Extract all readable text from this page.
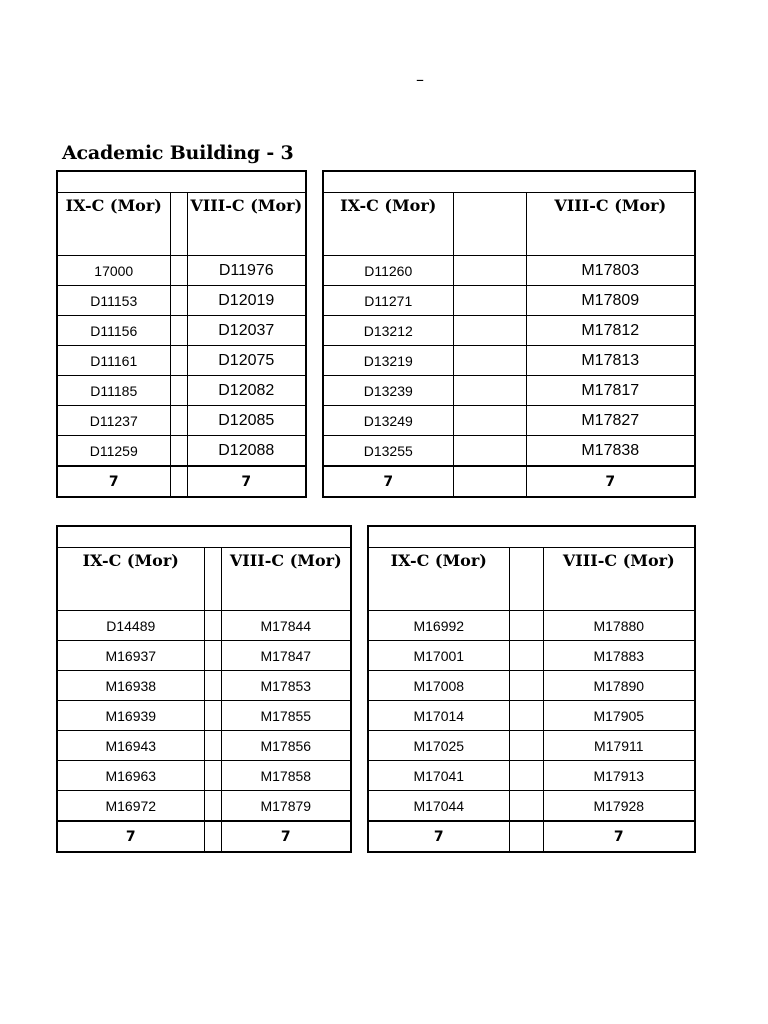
–
Academic Building - 3

IX-C (Mor)		VIII-C (Mor)
17000		D11976
D11153		D12019
D11156		D12037
D11161		D12075
D11185		D12082
D11237		D12085
D11259		D12088
7		7

IX-C (Mor)		VIII-C (Mor)
D11260		M17803
D11271		M17809
D13212		M17812
D13219		M17813
D13239		M17817
D13249		M17827
D13255		M17838
7		7

IX-C (Mor)		VIII-C (Mor)
D14489		M17844
M16937		M17847
M16938		M17853
M16939		M17855
M16943		M17856
M16963		M17858
M16972		M17879
7		7

IX-C (Mor)		VIII-C (Mor)
M16992		M17880
M17001		M17883
M17008		M17890
M17014		M17905
M17025		M17911
M17041		M17913
M17044		M17928
7		7
